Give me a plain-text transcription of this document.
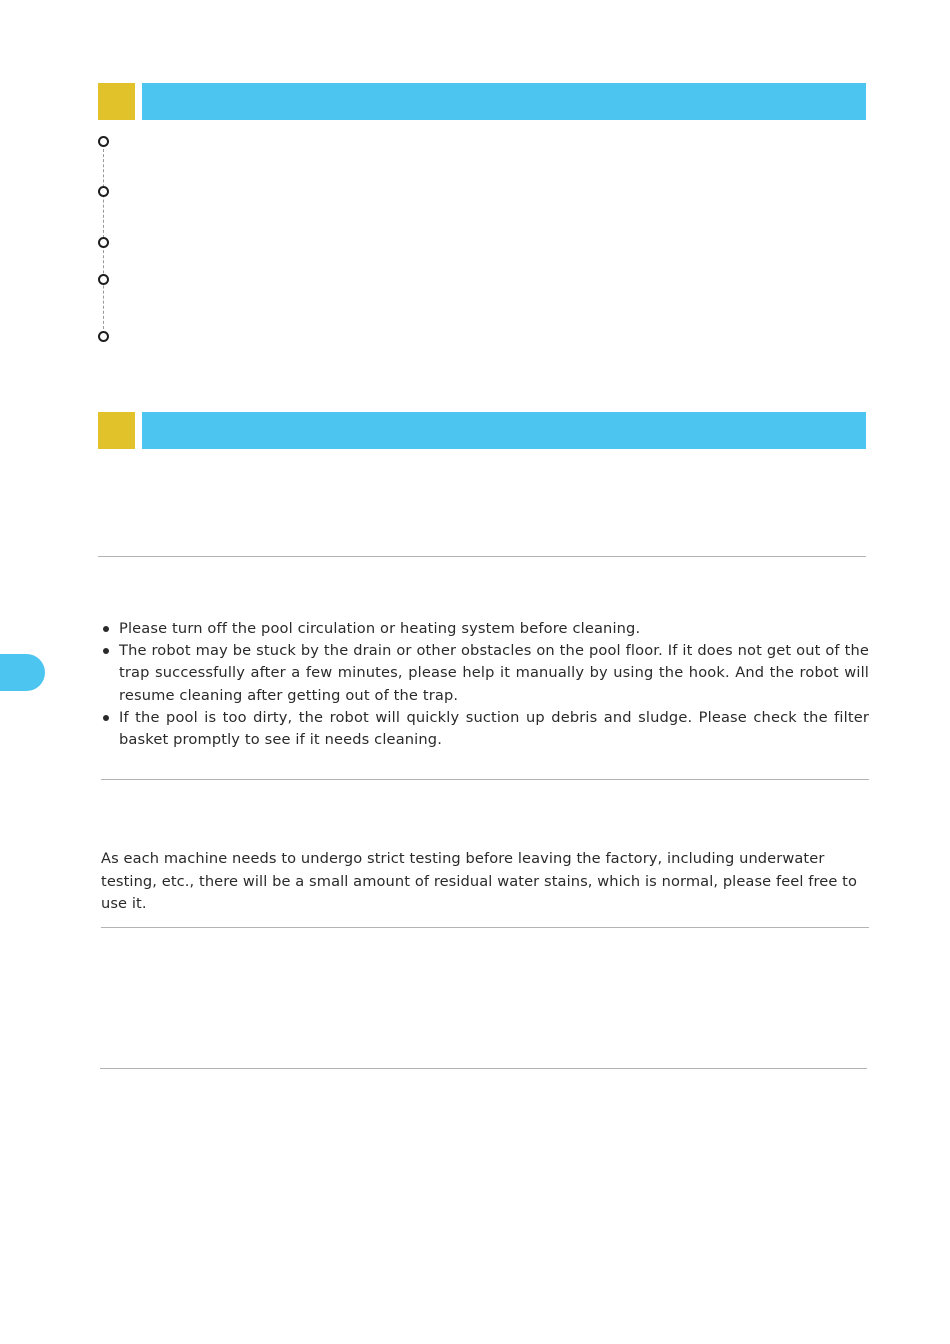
Please turn off the pool circulation or heating system before cleaning.
The robot may be stuck by the drain or other obstacles on the pool floor. If it does not get out of the trap successfully after a few minutes, please help it manually by using the hook. And the robot will resume cleaning after getting out of the trap.
If the pool is too dirty, the robot will quickly suction up debris and sludge. Please check the filter basket promptly to see if it needs cleaning.

As each machine needs to undergo strict testing before leaving the factory, including underwater testing, etc., there will be a small amount of residual water stains, which is normal, please feel free to use it.
